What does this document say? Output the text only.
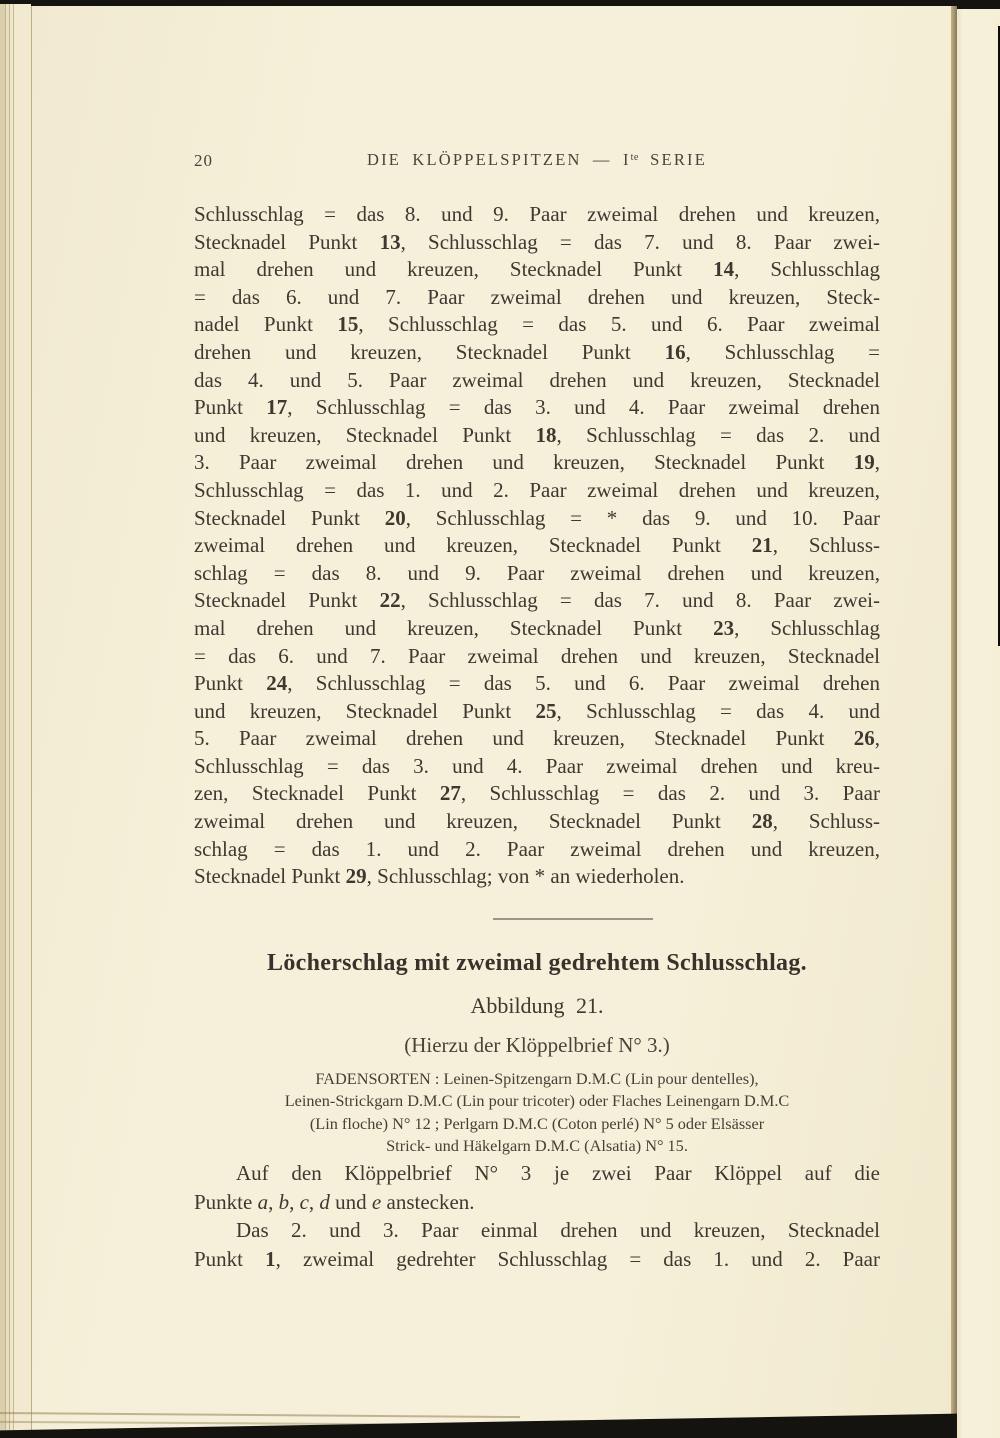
20	DIE KLÖPPELSPITZEN — $I^{te}$ SERIE
Schlusschlag = das 8. und 9. Paar zweimal drehen und kreuzen,
Stecknadel Punkt 13, Schlusschlag = das 7. und 8. Paar zwei-
mal drehen und kreuzen, Stecknadel Punkt 14, Schlusschlag
= das 6. und 7. Paar zweimal drehen und kreuzen, Steck-
nadel Punkt 15, Schlusschlag = das 5. und 6. Paar zweimal
drehen und kreuzen, Stecknadel Punkt 16, Schlusschlag =
das 4. und 5. Paar zweimal drehen und kreuzen, Stecknadel
Punkt 17, Schlusschlag = das 3. und 4. Paar zweimal drehen
und kreuzen, Stecknadel Punkt 18, Schlusschlag = das 2. und
3. Paar zweimal drehen und kreuzen, Stecknadel Punkt 19,
Schlusschlag = das 1. und 2. Paar zweimal drehen und kreuzen,
Stecknadel Punkt 20, Schlusschlag = * das 9. und 10. Paar
zweimal drehen und kreuzen, Stecknadel Punkt 21, Schluss-
schlag = das 8. und 9. Paar zweimal drehen und kreuzen,
Stecknadel Punkt 22, Schlusschlag = das 7. und 8. Paar zwei-
mal drehen und kreuzen, Stecknadel Punkt 23, Schlusschlag
= das 6. und 7. Paar zweimal drehen und kreuzen, Stecknadel
Punkt 24, Schlusschlag = das 5. und 6. Paar zweimal drehen
und kreuzen, Stecknadel Punkt 25, Schlusschlag = das 4. und
5. Paar zweimal drehen und kreuzen, Stecknadel Punkt 26,
Schlusschlag = das 3. und 4. Paar zweimal drehen und kreu-
zen, Stecknadel Punkt 27, Schlusschlag = das 2. und 3. Paar
zweimal drehen und kreuzen, Stecknadel Punkt 28, Schluss-
schlag = das 1. und 2. Paar zweimal drehen und kreuzen,
Stecknadel Punkt 29, Schlusschlag; von * an wiederholen.
Löcherschlag mit zweimal gedrehtem Schlusschlag.
Abbildung 21.
(Hierzu der Klöppelbrief N° 3.)
FADENSORTEN : Leinen-Spitzengarn D.M.C (Lin pour dentelles),
Leinen-Strickgarn D.M.C (Lin pour tricoter) oder Flaches Leinengarn D.M.C
(Lin floche) N° 12 ; Perlgarn D.M.C (Coton perlé) N° 5 oder Elsässer
Strick- und Häkelgarn D.M.C (Alsatia) N° 15.
Auf den Klöppelbrief N° 3 je zwei Paar Klöppel auf die
Punkte a, b, c, d und e anstecken.
Das 2. und 3. Paar einmal drehen und kreuzen, Stecknadel
Punkt 1, zweimal gedrehter Schlusschlag = das 1. und 2. Paar
